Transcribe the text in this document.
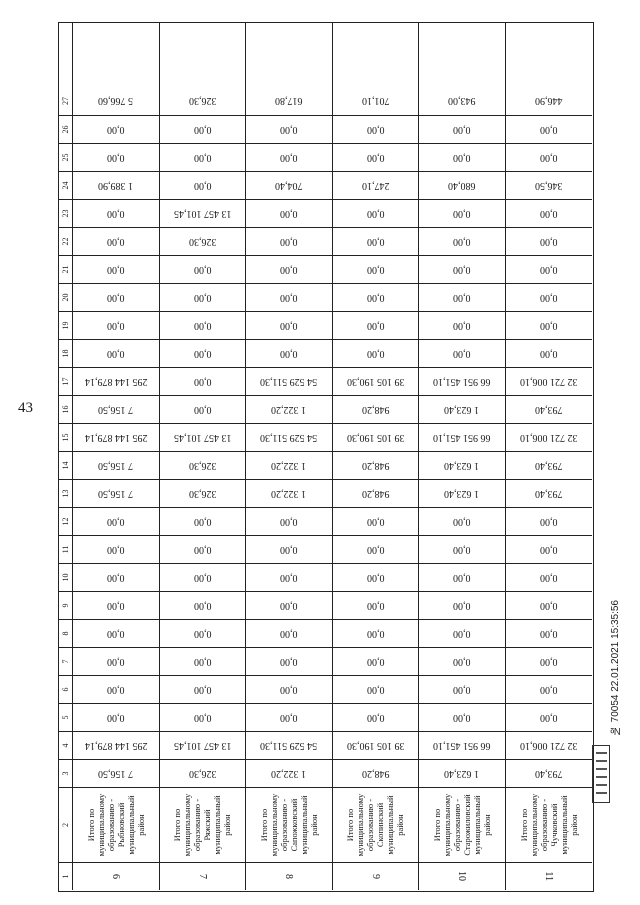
43
1
2
3
4
5
6
7
8
9
10
11
12
13
14
15
16
17
18
19
20
21
22
23
24
25
26
27
6
Итого по муниципальному образованию - Рыбновский муниципальный район
7 156,50
295 144 879,14
0,00
0,00
0,00
0,00
0,00
0,00
0,00
0,00
7 156,50
7 156,50
295 144 879,14
7 156,50
295 144 879,14
0,00
0,00
0,00
0,00
0,00
0,00
1 389,90
0,00
0,00
5 766,60
7
Итого по муниципальному образованию - Ряжский муниципальный район
326,30
13 457 101,45
0,00
0,00
0,00
0,00
0,00
0,00
0,00
0,00
326,30
326,30
13 457 101,45
0,00
0,00
0,00
0,00
0,00
0,00
326,30
13 457 101,45
0,00
0,00
0,00
326,30
8
Итого по муниципальному образованию - Сапожковский муниципальный район
1 322,20
54 529 511,30
0,00
0,00
0,00
0,00
0,00
0,00
0,00
0,00
1 322,20
1 322,20
54 529 511,30
1 322,20
54 529 511,30
0,00
0,00
0,00
0,00
0,00
0,00
704,40
0,00
0,00
617,80
9
Итого по муниципальному образованию - Скопинский муниципальный район
948,20
39 105 190,30
0,00
0,00
0,00
0,00
0,00
0,00
0,00
0,00
948,20
948,20
39 105 190,30
948,20
39 105 190,30
0,00
0,00
0,00
0,00
0,00
0,00
247,10
0,00
0,00
701,10
10
Итого по муниципальному образованию - Старожиловский муниципальный район
1 623,40
66 951 451,10
0,00
0,00
0,00
0,00
0,00
0,00
0,00
0,00
1 623,40
1 623,40
66 951 451,10
1 623,40
66 951 451,10
0,00
0,00
0,00
0,00
0,00
0,00
680,40
0,00
0,00
943,00
11
Итого по муниципальному образованию - Чучковский муниципальный район
793,40
32 721 006,10
0,00
0,00
0,00
0,00
0,00
0,00
0,00
0,00
793,40
793,40
32 721 006,10
793,40
32 721 006,10
0,00
0,00
0,00
0,00
0,00
0,00
346,50
0,00
0,00
446,90
№ 70054 22.01.2021 15:35:56
